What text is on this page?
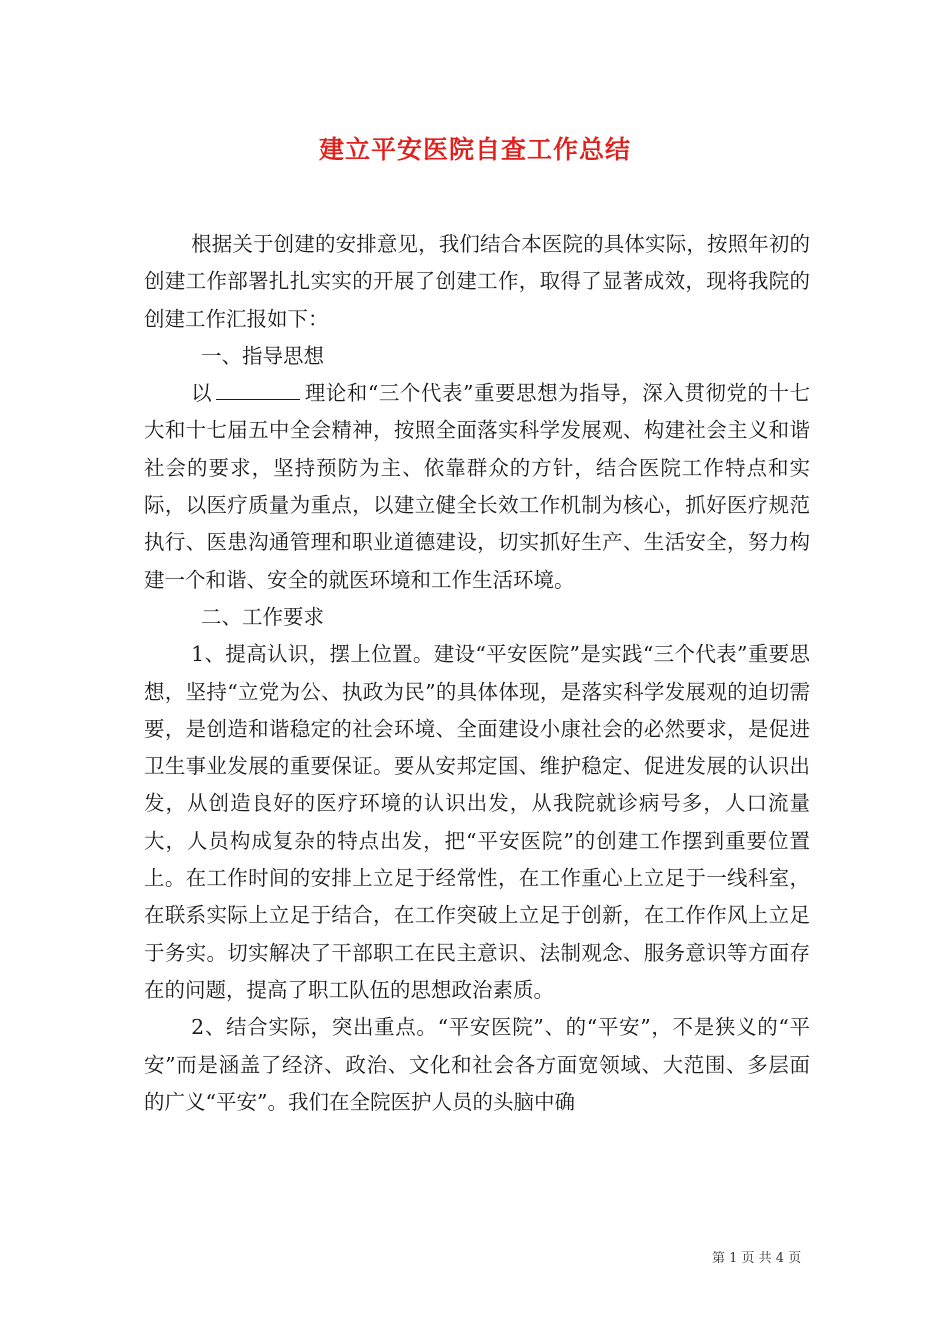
建立平安医院自查工作总结

根据关于创建的安排意见，我们结合本医院的具体实际，按照年初的创建工作部署扎扎实实的开展了创建工作，取得了显著成效，现将我院的创建工作汇报如下：

一、指导思想

以	理论和“三个代表”重要思想为指导，深入贯彻党的十七大和十七届五中全会精神，按照全面落实科学发展观、构建社会主义和谐社会的要求，坚持预防为主、依靠群众的方针，结合医院工作特点和实际，以医疗质量为重点，以建立健全长效工作机制为核心，抓好医疗规范执行、医患沟通管理和职业道德建设，切实抓好生产、生活安全，努力构建一个和谐、安全的就医环境和工作生活环境。

二、工作要求

1、提高认识，摆上位置。建设“平安医院”是实践“三个代表”重要思想，坚持“立党为公、执政为民”的具体体现，是落实科学发展观的迫切需要，是创造和谐稳定的社会环境、全面建设小康社会的必然要求，是促进卫生事业发展的重要保证。要从安邦定国、维护稳定、促进发展的认识出发，从创造良好的医疗环境的认识出发，从我院就诊病号多，人口流量大，人员构成复杂的特点出发，把“平安医院”的创建工作摆到重要位置上。在工作时间的安排上立足于经常性，在工作重心上立足于一线科室，在联系实际上立足于结合，在工作突破上立足于创新，在工作作风上立足于务实。切实解决了干部职工在民主意识、法制观念、服务意识等方面存在的问题，提高了职工队伍的思想政治素质。

2、结合实际，突出重点。“平安医院”、的“平安”，不是狭义的“平安”而是涵盖了经济、政治、文化和社会各方面宽领域、大范围、多层面的广义“平安”。我们在全院医护人员的头脑中确

第 1 页 共 4 页
